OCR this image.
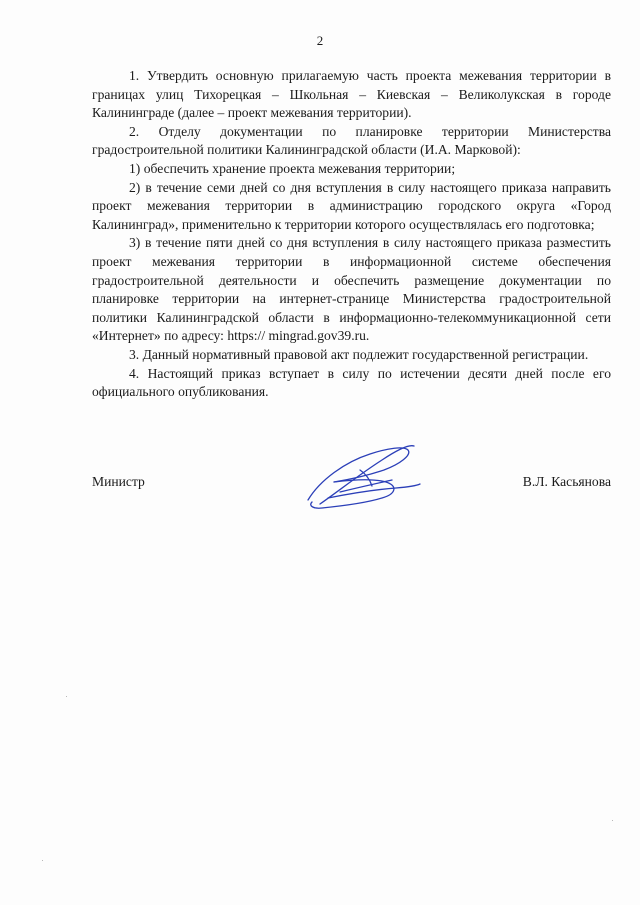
2

1. Утвердить основную прилагаемую часть проекта межевания территории в границах улиц Тихорецкая – Школьная – Киевская – Великолукская в городе Калининграде (далее – проект межевания территории).

2. Отделу документации по планировке территории Министерства градостроительной политики Калининградской области (И.А. Марковой):

1) обеспечить хранение проекта межевания территории;

2) в течение семи дней со дня вступления в силу настоящего приказа направить проект межевания территории в администрацию городского округа «Город Калининград», применительно к территории которого осуществлялась его подготовка;

3) в течение пяти дней со дня вступления в силу настоящего приказа разместить проект межевания территории в информационной системе обеспечения градостроительной деятельности и обеспечить размещение документации по планировке территории на интернет-странице Министерства градостроительной политики Калининградской области в информационно-телекоммуникационной сети «Интернет» по адресу: https:// mingrad.gov39.ru.

3. Данный нормативный правовой акт подлежит государственной регистрации.

4. Настоящий приказ вступает в силу по истечении десяти дней после его официального опубликования.

Министр	В.Л. Касьянова
